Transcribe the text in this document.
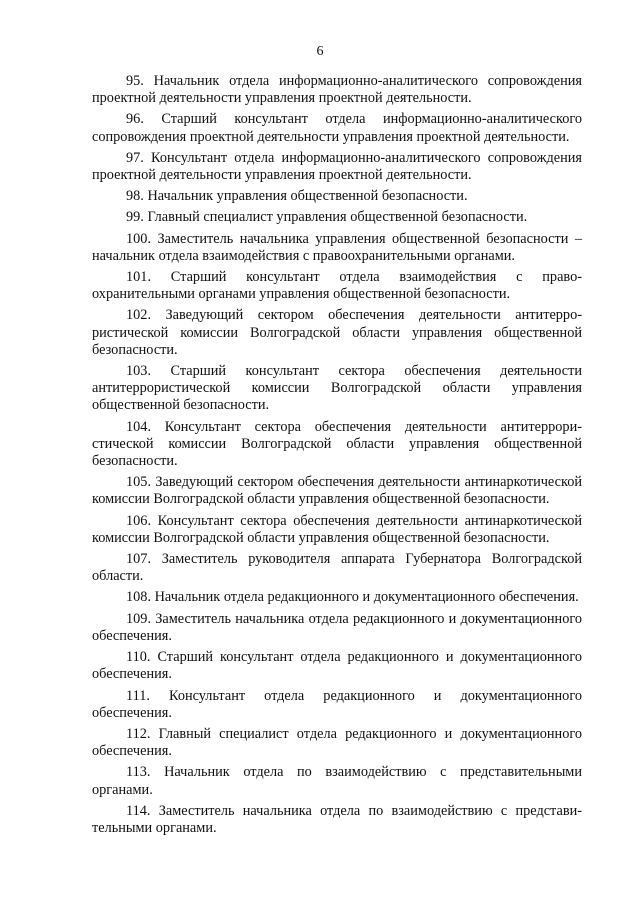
6

95. Начальник отдела информационно-аналитического сопровождения проектной деятельности управления проектной деятельности.

96. Старший консультант отдела информационно-аналитического сопровождения проектной деятельности управления проектной деятельности.

97. Консультант отдела информационно-аналитического сопровождения проектной деятельности управления проектной деятельности.

98. Начальник управления общественной безопасности.

99. Главный специалист управления общественной безопасности.

100. Заместитель начальника управления общественной безопасности – начальник отдела взаимодействия с правоохранительными органами.

101. Старший консультант отдела взаимодействия с правоохранительными органами управления общественной безопасности.

102. Заведующий сектором обеспечения деятельности антитеррористической комиссии Волгоградской области управления общественной безопасности.

103. Старший консультант сектора обеспечения деятельности антитеррористической комиссии Волгоградской области управления общественной безопасности.

104. Консультант сектора обеспечения деятельности антитеррористической комиссии Волгоградской области управления общественной безопасности.

105. Заведующий сектором обеспечения деятельности антинаркотической комиссии Волгоградской области управления общественной безопасности.

106. Консультант сектора обеспечения деятельности антинаркотической комиссии Волгоградской области управления общественной безопасности.

107. Заместитель руководителя аппарата Губернатора Волгоградской области.

108. Начальник отдела редакционного и документационного обеспечения.

109. Заместитель начальника отдела редакционного и документационного обеспечения.

110. Старший консультант отдела редакционного и документационного обеспечения.

111. Консультант отдела редакционного и документационного обеспечения.

112. Главный специалист отдела редакционного и документационного обеспечения.

113. Начальник отдела по взаимодействию с представительными органами.

114. Заместитель начальника отдела по взаимодействию с представительными органами.
